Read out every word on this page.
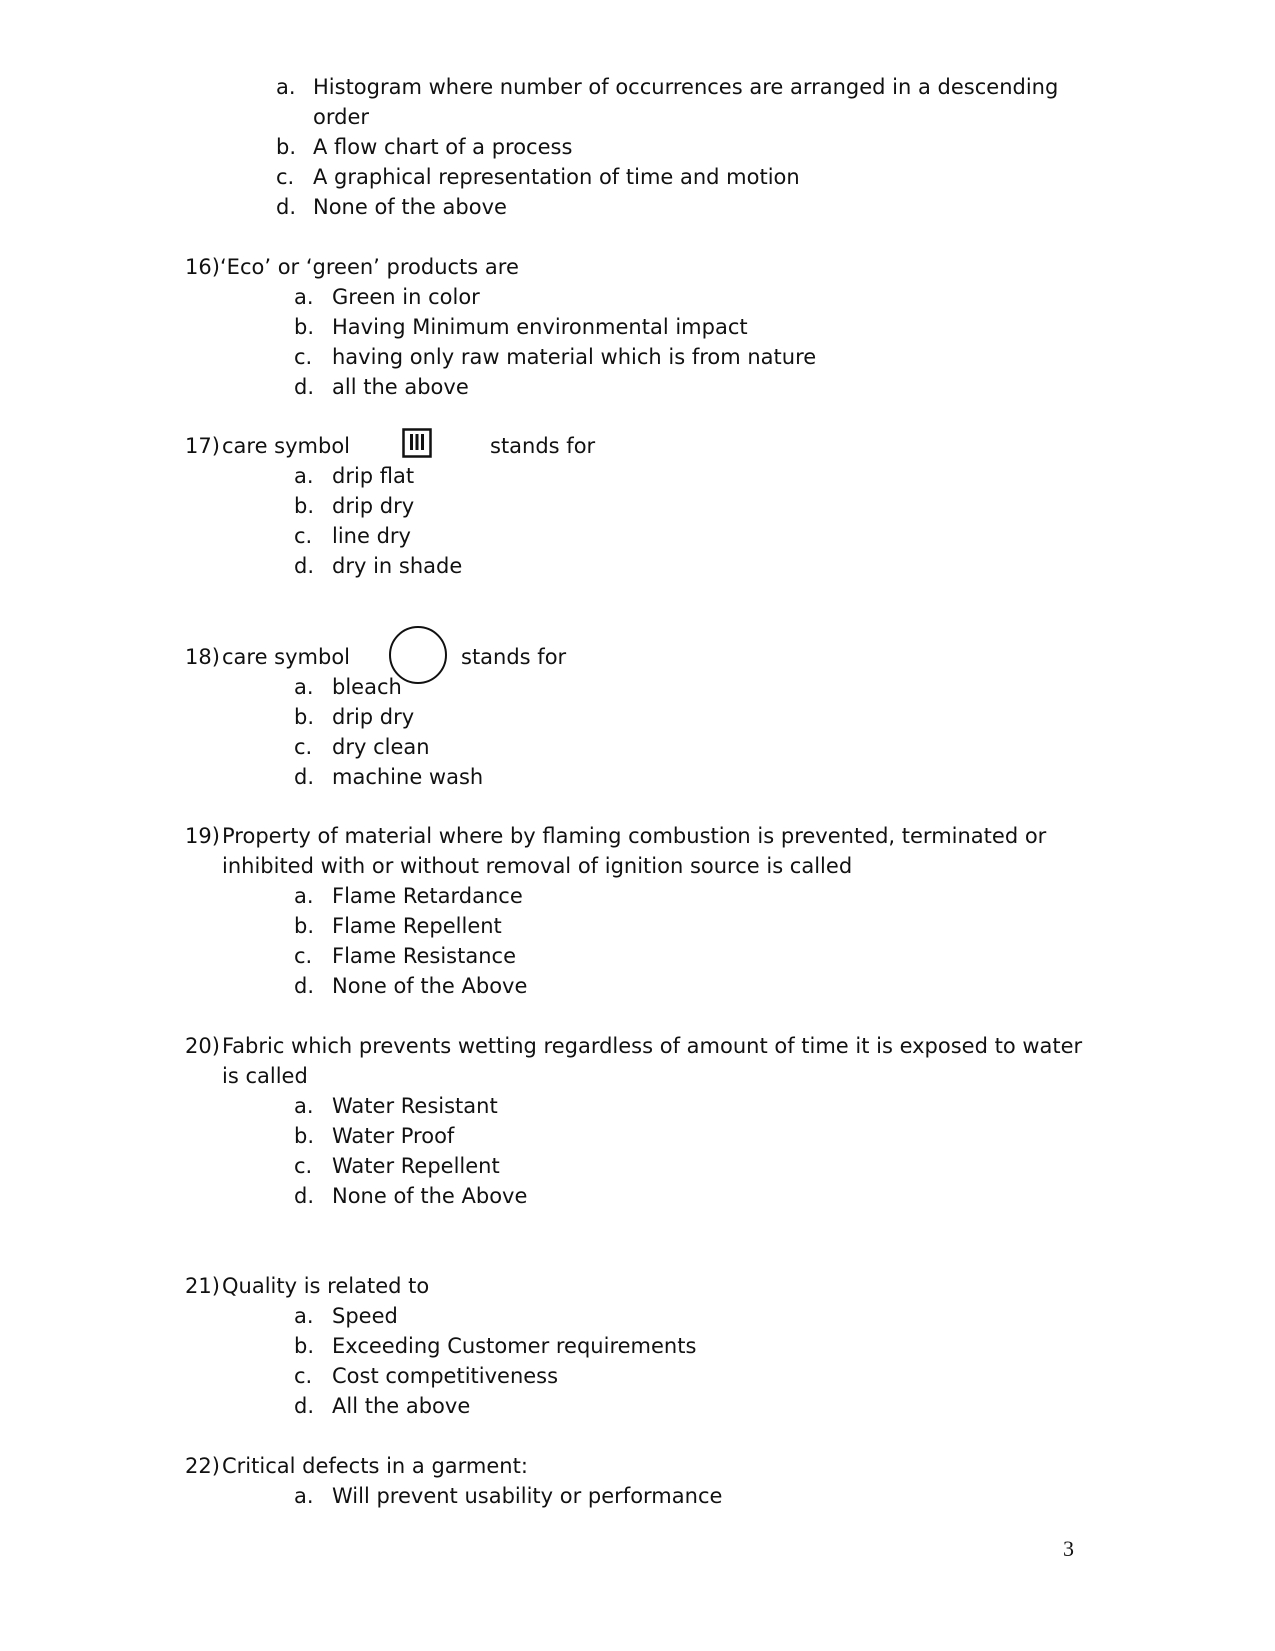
a. Histogram where number of occurrences are arranged in a descending
order
b. A flow chart of a process
c. A graphical representation of time and motion
d. None of the above
16) ‘Eco’ or ‘green’ products are
a. Green in color
b. Having Minimum environmental impact
c. having only raw material which is from nature
d. all the above
17) care symbol	stands for
a. drip flat
b. drip dry
c. line dry
d. dry in shade
18) care symbol	stands for
a. bleach
b. drip dry
c. dry clean
d. machine wash
19) Property of material where by flaming combustion is prevented, terminated or
inhibited with or without removal of ignition source is called
a. Flame Retardance
b. Flame Repellent
c. Flame Resistance
d. None of the Above
20) Fabric which prevents wetting regardless of amount of time it is exposed to water
is called
a. Water Resistant
b. Water Proof
c. Water Repellent
d. None of the Above
21) Quality is related to
a. Speed
b. Exceeding Customer requirements
c. Cost competitiveness
d. All the above
22) Critical defects in a garment:
a. Will prevent usability or performance
3
